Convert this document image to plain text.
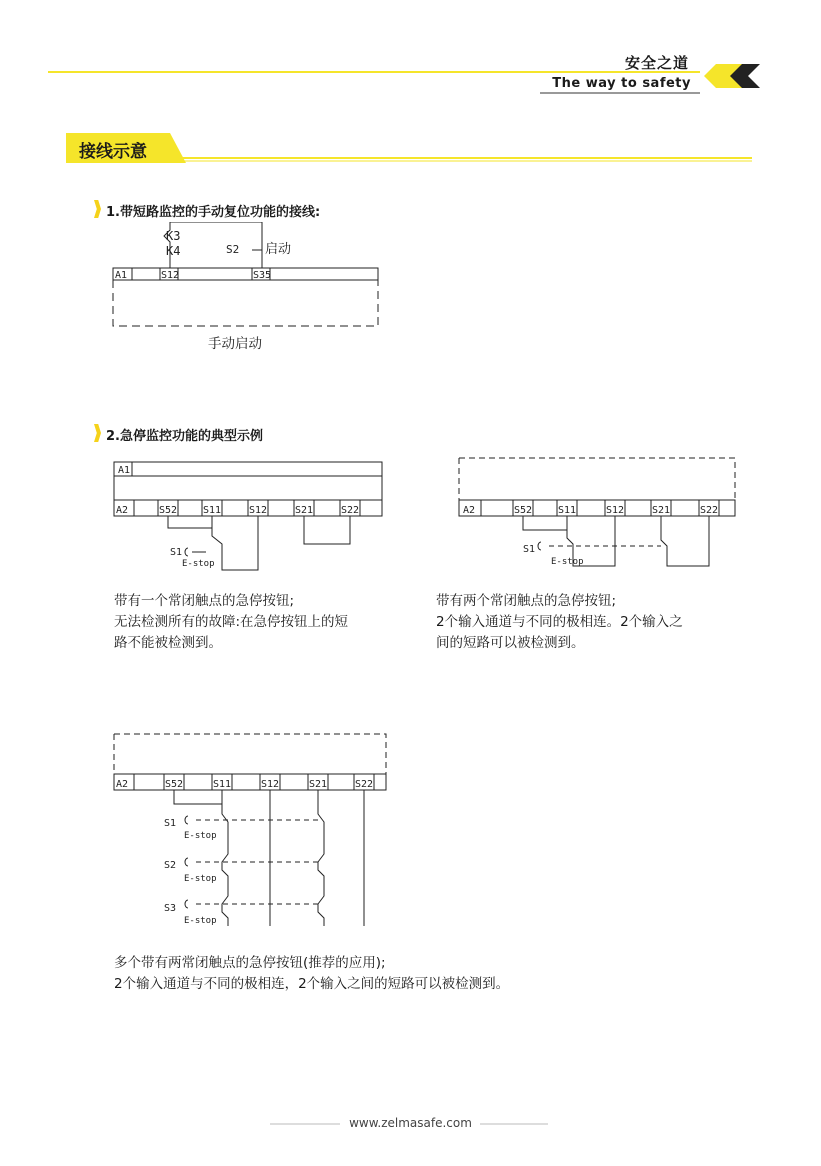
安全之道
The way to safety
接线示意
1.带短路监控的手动复位功能的接线:
K3
K4	S2 启动
A1	S12	S35
手动启动
2.急停监控功能的典型示例
A2	S52	S11	S12	S21	S22
A1
S1
E-stop
带有一个常闭触点的急停按钮;
无法检测所有的故障:在急停按钮上的短
路不能被检测到。
A2	S52	S11	S12	S21	S22
S1
E-stop
带有两个常闭触点的急停按钮;
2个输入通道与不同的极相连。2个输入之
间的短路可以被检测到。
A2	S52	S11	S12	S21	S22
S1
S2
S3
E-stop
E-stop
E-stop
多个带有两常闭触点的急停按钮(推荐的应用);
2个输入通道与不同的极相连，2个输入之间的短路可以被检测到。
www.zelmasafe.com
